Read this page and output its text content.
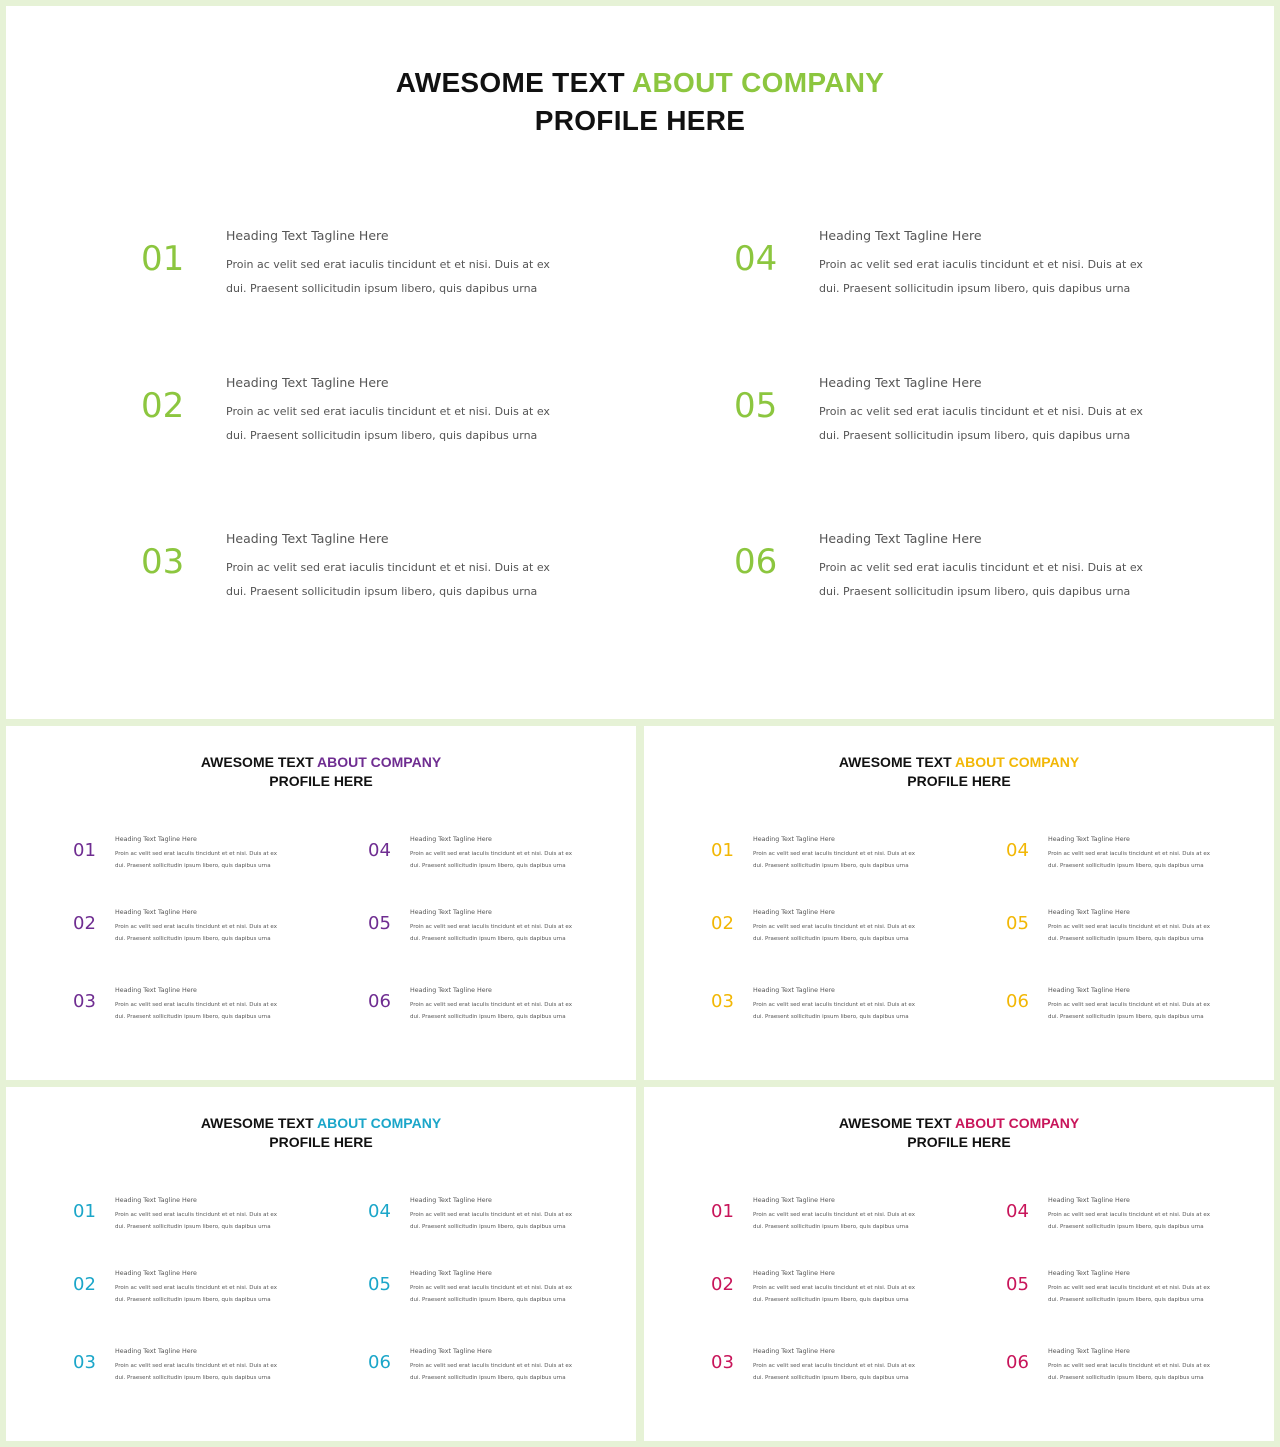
AWESOME TEXT ABOUT COMPANY
PROFILE HERE
01
Heading Text Tagline Here
Proin ac velit sed erat iaculis tincidunt et et nisi. Duis at ex
dui. Praesent sollicitudin ipsum libero, quis dapibus urna
02
Heading Text Tagline Here
Proin ac velit sed erat iaculis tincidunt et et nisi. Duis at ex
dui. Praesent sollicitudin ipsum libero, quis dapibus urna
03
Heading Text Tagline Here
Proin ac velit sed erat iaculis tincidunt et et nisi. Duis at ex
dui. Praesent sollicitudin ipsum libero, quis dapibus urna
04
Heading Text Tagline Here
Proin ac velit sed erat iaculis tincidunt et et nisi. Duis at ex
dui. Praesent sollicitudin ipsum libero, quis dapibus urna
05
Heading Text Tagline Here
Proin ac velit sed erat iaculis tincidunt et et nisi. Duis at ex
dui. Praesent sollicitudin ipsum libero, quis dapibus urna
06
Heading Text Tagline Here
Proin ac velit sed erat iaculis tincidunt et et nisi. Duis at ex
dui. Praesent sollicitudin ipsum libero, quis dapibus urna
AWESOME TEXT ABOUT COMPANY
PROFILE HERE
01
Heading Text Tagline Here
Proin ac velit sed erat iaculis tincidunt et et nisi. Duis at ex
dui. Praesent sollicitudin ipsum libero, quis dapibus urna
02
Heading Text Tagline Here
Proin ac velit sed erat iaculis tincidunt et et nisi. Duis at ex
dui. Praesent sollicitudin ipsum libero, quis dapibus urna
03
Heading Text Tagline Here
Proin ac velit sed erat iaculis tincidunt et et nisi. Duis at ex
dui. Praesent sollicitudin ipsum libero, quis dapibus urna
04
Heading Text Tagline Here
Proin ac velit sed erat iaculis tincidunt et et nisi. Duis at ex
dui. Praesent sollicitudin ipsum libero, quis dapibus urna
05
Heading Text Tagline Here
Proin ac velit sed erat iaculis tincidunt et et nisi. Duis at ex
dui. Praesent sollicitudin ipsum libero, quis dapibus urna
06
Heading Text Tagline Here
Proin ac velit sed erat iaculis tincidunt et et nisi. Duis at ex
dui. Praesent sollicitudin ipsum libero, quis dapibus urna
AWESOME TEXT ABOUT COMPANY
PROFILE HERE
01
Heading Text Tagline Here
Proin ac velit sed erat iaculis tincidunt et et nisi. Duis at ex
dui. Praesent sollicitudin ipsum libero, quis dapibus urna
02
Heading Text Tagline Here
Proin ac velit sed erat iaculis tincidunt et et nisi. Duis at ex
dui. Praesent sollicitudin ipsum libero, quis dapibus urna
03
Heading Text Tagline Here
Proin ac velit sed erat iaculis tincidunt et et nisi. Duis at ex
dui. Praesent sollicitudin ipsum libero, quis dapibus urna
04
Heading Text Tagline Here
Proin ac velit sed erat iaculis tincidunt et et nisi. Duis at ex
dui. Praesent sollicitudin ipsum libero, quis dapibus urna
05
Heading Text Tagline Here
Proin ac velit sed erat iaculis tincidunt et et nisi. Duis at ex
dui. Praesent sollicitudin ipsum libero, quis dapibus urna
06
Heading Text Tagline Here
Proin ac velit sed erat iaculis tincidunt et et nisi. Duis at ex
dui. Praesent sollicitudin ipsum libero, quis dapibus urna
AWESOME TEXT ABOUT COMPANY
PROFILE HERE
01
Heading Text Tagline Here
Proin ac velit sed erat iaculis tincidunt et et nisi. Duis at ex
dui. Praesent sollicitudin ipsum libero, quis dapibus urna
02
Heading Text Tagline Here
Proin ac velit sed erat iaculis tincidunt et et nisi. Duis at ex
dui. Praesent sollicitudin ipsum libero, quis dapibus urna
03
Heading Text Tagline Here
Proin ac velit sed erat iaculis tincidunt et et nisi. Duis at ex
dui. Praesent sollicitudin ipsum libero, quis dapibus urna
04
Heading Text Tagline Here
Proin ac velit sed erat iaculis tincidunt et et nisi. Duis at ex
dui. Praesent sollicitudin ipsum libero, quis dapibus urna
05
Heading Text Tagline Here
Proin ac velit sed erat iaculis tincidunt et et nisi. Duis at ex
dui. Praesent sollicitudin ipsum libero, quis dapibus urna
06
Heading Text Tagline Here
Proin ac velit sed erat iaculis tincidunt et et nisi. Duis at ex
dui. Praesent sollicitudin ipsum libero, quis dapibus urna
AWESOME TEXT ABOUT COMPANY
PROFILE HERE
01
Heading Text Tagline Here
Proin ac velit sed erat iaculis tincidunt et et nisi. Duis at ex
dui. Praesent sollicitudin ipsum libero, quis dapibus urna
02
Heading Text Tagline Here
Proin ac velit sed erat iaculis tincidunt et et nisi. Duis at ex
dui. Praesent sollicitudin ipsum libero, quis dapibus urna
03
Heading Text Tagline Here
Proin ac velit sed erat iaculis tincidunt et et nisi. Duis at ex
dui. Praesent sollicitudin ipsum libero, quis dapibus urna
04
Heading Text Tagline Here
Proin ac velit sed erat iaculis tincidunt et et nisi. Duis at ex
dui. Praesent sollicitudin ipsum libero, quis dapibus urna
05
Heading Text Tagline Here
Proin ac velit sed erat iaculis tincidunt et et nisi. Duis at ex
dui. Praesent sollicitudin ipsum libero, quis dapibus urna
06
Heading Text Tagline Here
Proin ac velit sed erat iaculis tincidunt et et nisi. Duis at ex
dui. Praesent sollicitudin ipsum libero, quis dapibus urna
